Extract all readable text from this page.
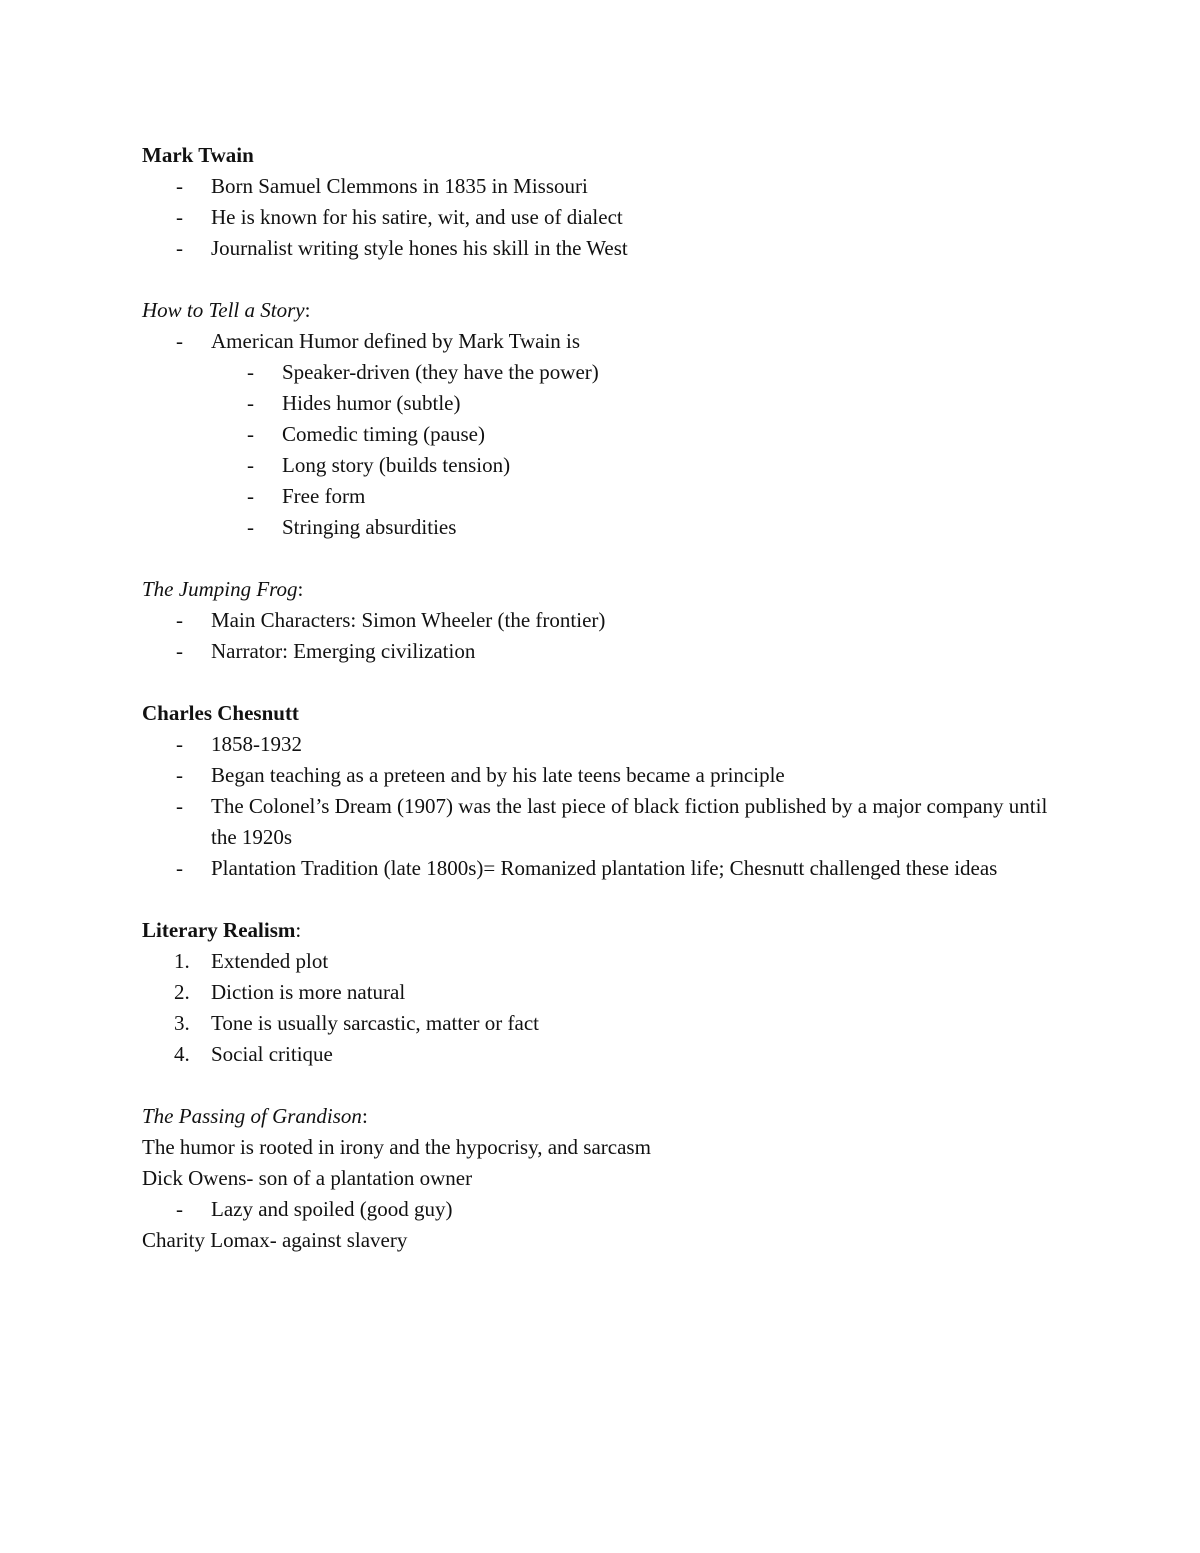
Mark Twain
- Born Samuel Clemmons in 1835 in Missouri
- He is known for his satire, wit, and use of dialect
- Journalist writing style hones his skill in the West
How to Tell a Story:
- American Humor defined by Mark Twain is
- Speaker-driven (they have the power)
- Hides humor (subtle)
- Comedic timing (pause)
- Long story (builds tension)
- Free form
- Stringing absurdities
The Jumping Frog:
- Main Characters: Simon Wheeler (the frontier)
- Narrator: Emerging civilization
Charles Chesnutt
- 1858-1932
- Began teaching as a preteen and by his late teens became a principle
- The Colonel’s Dream (1907) was the last piece of black fiction published by a major company until the 1920s
- Plantation Tradition (late 1800s)= Romanized plantation life; Chesnutt challenged these ideas
Literary Realism:
1. Extended plot
2. Diction is more natural
3. Tone is usually sarcastic, matter or fact
4. Social critique
The Passing of Grandison:
The humor is rooted in irony and the hypocrisy, and sarcasm
Dick Owens- son of a plantation owner
- Lazy and spoiled (good guy)
Charity Lomax- against slavery
